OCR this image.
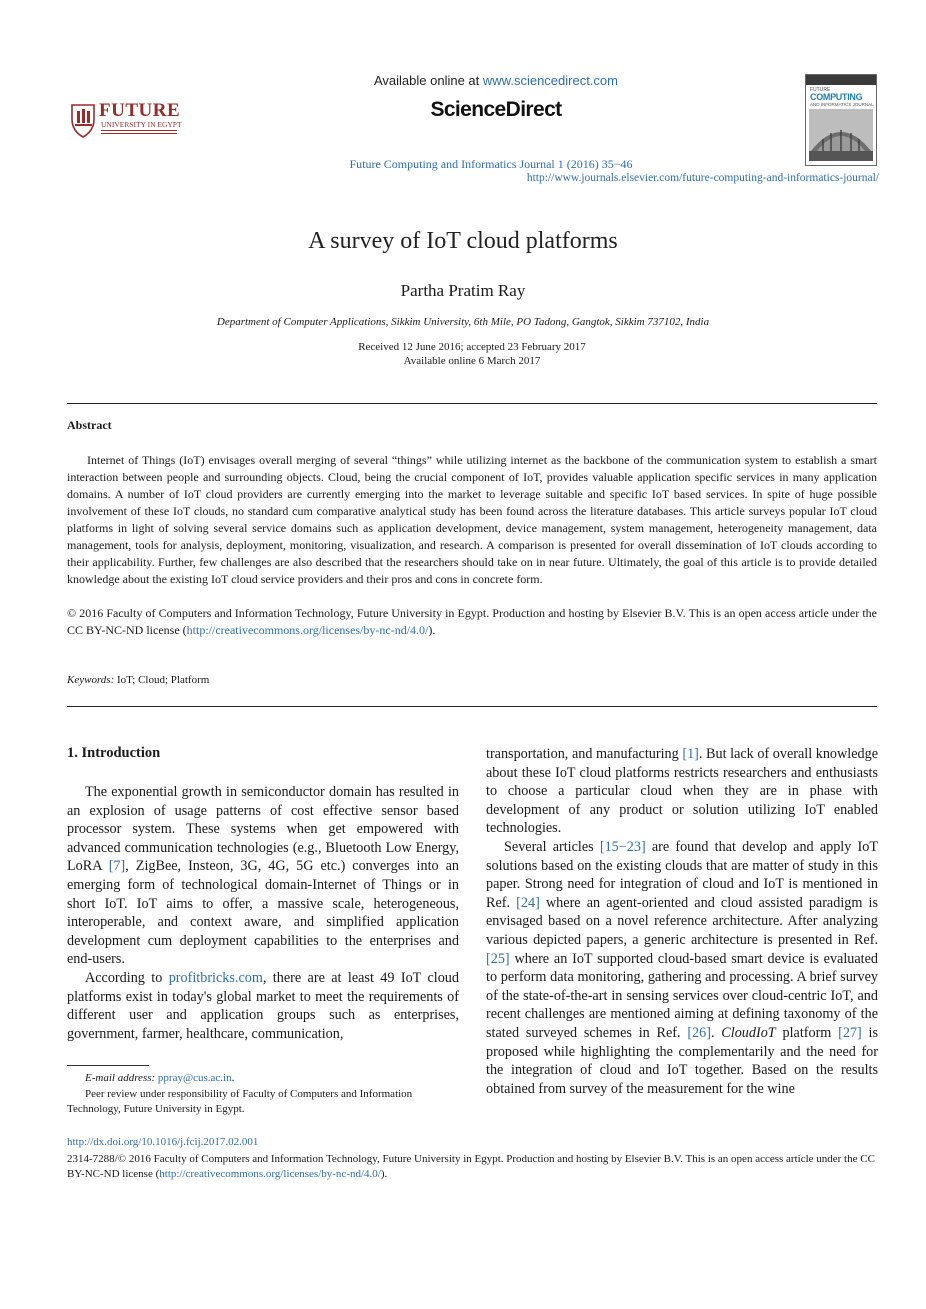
FUTURE
UNIVERSITY IN EGYPT
Available online at www.sciencedirect.com
ScienceDirect
Future Computing and Informatics Journal 1 (2016) 35−46
http://www.journals.elsevier.com/future-computing-and-informatics-journal/
FUTURE
COMPUTING
AND INFORMATICS JOURNAL
A survey of IoT cloud platforms
Partha Pratim Ray
Department of Computer Applications, Sikkim University, 6th Mile, PO Tadong, Gangtok, Sikkim 737102, India
Received 12 June 2016; accepted 23 February 2017
Available online 6 March 2017
Abstract

Internet of Things (IoT) envisages overall merging of several “things” while utilizing internet as the backbone of the communication system to establish a smart interaction between people and surrounding objects. Cloud, being the crucial component of IoT, provides valuable application specific services in many application domains. A number of IoT cloud providers are currently emerging into the market to leverage suitable and specific IoT based services. In spite of huge possible involvement of these IoT clouds, no standard cum comparative analytical study has been found across the literature databases. This article surveys popular IoT cloud platforms in light of solving several service domains such as application development, device management, system management, heterogeneity management, data management, tools for analysis, deployment, monitoring, visualization, and research. A comparison is presented for overall dissemination of IoT clouds according to their applicability. Further, few challenges are also described that the researchers should take on in near future. Ultimately, the goal of this article is to provide detailed knowledge about the existing IoT cloud service providers and their pros and cons in concrete form.

© 2016 Faculty of Computers and Information Technology, Future University in Egypt. Production and hosting by Elsevier B.V. This is an open access article under the CC BY-NC-ND license (http://creativecommons.org/licenses/by-nc-nd/4.0/).

Keywords: IoT; Cloud; Platform
1. Introduction

The exponential growth in semiconductor domain has resulted in an explosion of usage patterns of cost effective sensor based processor system. These systems when get empowered with advanced communication technologies (e.g., Bluetooth Low Energy, LoRA [7], ZigBee, Insteon, 3G, 4G, 5G etc.) converges into an emerging form of technological domain-Internet of Things or in short IoT. IoT aims to offer, a massive scale, heterogeneous, interoperable, and context aware, and simplified application development cum deployment capabilities to the enterprises and end-users.

According to profitbricks.com, there are at least 49 IoT cloud platforms exist in today's global market to meet the requirements of different user and application groups such as enterprises, government, farmer, healthcare, communication,

transportation, and manufacturing [1]. But lack of overall knowledge about these IoT cloud platforms restricts researchers and enthusiasts to choose a particular cloud when they are in phase with development of any product or solution utilizing IoT enabled technologies.

Several articles [15−23] are found that develop and apply IoT solutions based on the existing clouds that are matter of study in this paper. Strong need for integration of cloud and IoT is mentioned in Ref. [24] where an agent-oriented and cloud assisted paradigm is envisaged based on a novel reference architecture. After analyzing various depicted papers, a generic architecture is presented in Ref. [25] where an IoT supported cloud-based smart device is evaluated to perform data monitoring, gathering and processing. A brief survey of the state-of-the-art in sensing services over cloud-centric IoT, and recent challenges are mentioned aiming at defining taxonomy of the stated surveyed schemes in Ref. [26]. CloudIoT platform [27] is proposed while highlighting the complementarily and the need for the integration of cloud and IoT together. Based on the results obtained from survey of the measurement for the wine

E-mail address: ppray@cus.ac.in.
Peer review under responsibility of Faculty of Computers and Information Technology, Future University in Egypt.
http://dx.doi.org/10.1016/j.fcij.2017.02.001

2314-7288/© 2016 Faculty of Computers and Information Technology, Future University in Egypt. Production and hosting by Elsevier B.V. This is an open access article under the CC BY-NC-ND license (http://creativecommons.org/licenses/by-nc-nd/4.0/).
